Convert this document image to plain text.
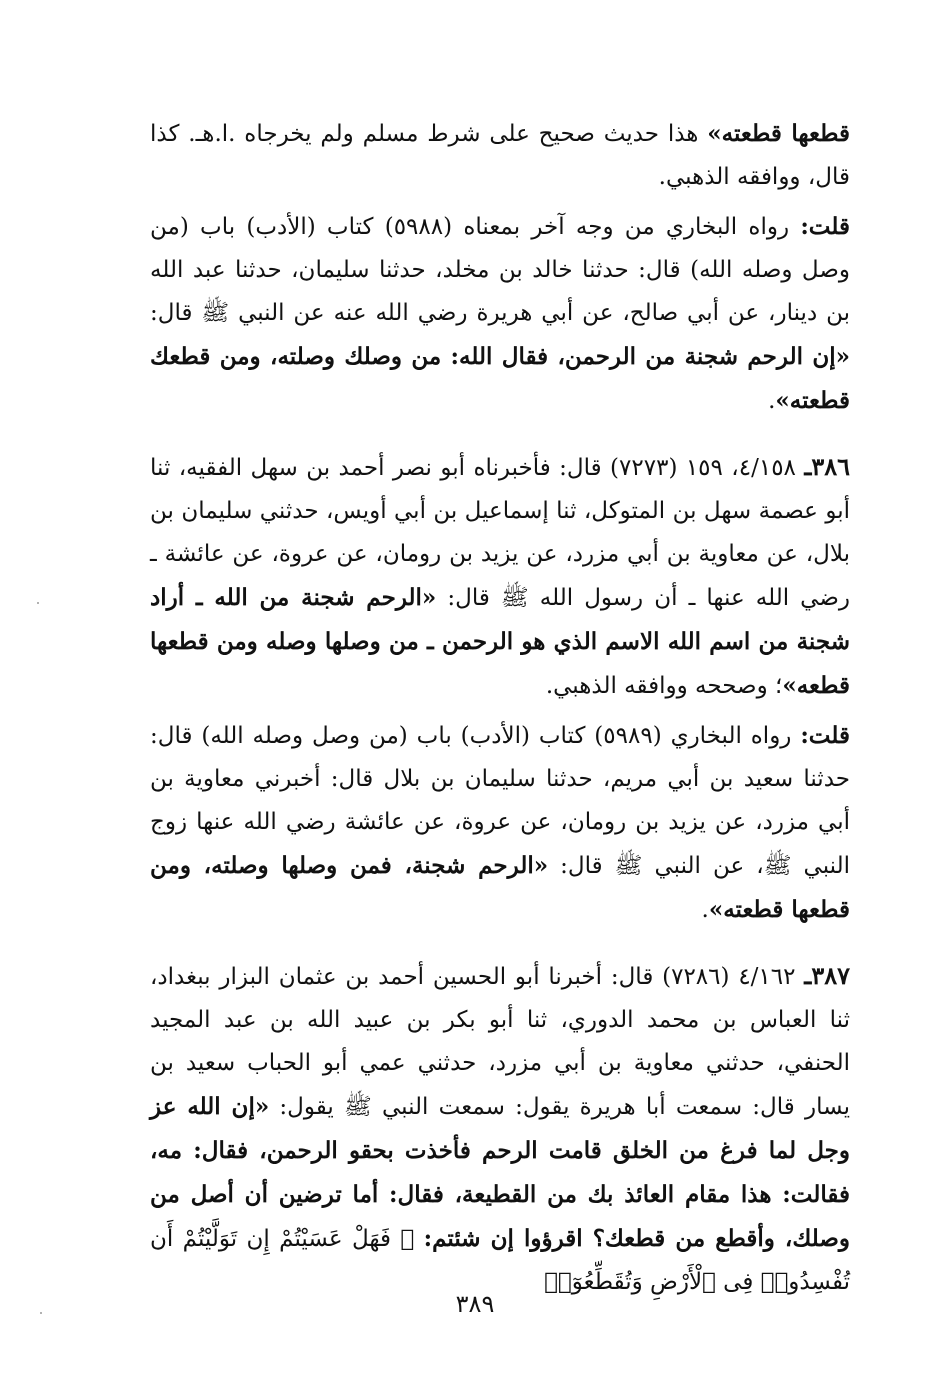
قطعها قطعته» هذا حديث صحيح على شرط مسلم ولم يخرجاه .ا.هـ. كذا قال، ووافقه الذهبي.

قلت: رواه البخاري من وجه آخر بمعناه (٥٩٨٨) كتاب (الأدب) باب (من وصل وصله الله) قال: حدثنا خالد بن مخلد، حدثنا سليمان، حدثنا عبد الله بن دينار، عن أبي صالح، عن أبي هريرة رضي الله عنه عن النبي ﷺ قال: «إن الرحم شجنة من الرحمن، فقال الله: من وصلك وصلته، ومن قطعك قطعته».

٣٨٦ـ ٤/١٥٨، ١٥٩ (٧٢٧٣) قال: فأخبرناه أبو نصر أحمد بن سهل الفقيه، ثنا أبو عصمة سهل بن المتوكل، ثنا إسماعيل بن أبي أويس، حدثني سليمان بن بلال، عن معاوية بن أبي مزرد، عن يزيد بن رومان، عن عروة، عن عائشة ـ رضي الله عنها ـ أن رسول الله ﷺ قال: «الرحم شجنة من الله ـ أراد شجنة من اسم الله الاسم الذي هو الرحمن ـ من وصلها وصله ومن قطعها قطعه»؛ وصححه ووافقه الذهبي.

قلت: رواه البخاري (٥٩٨٩) كتاب (الأدب) باب (من وصل وصله الله) قال: حدثنا سعيد بن أبي مريم، حدثنا سليمان بن بلال قال: أخبرني معاوية بن أبي مزرد، عن يزيد بن رومان، عن عروة، عن عائشة رضي الله عنها زوج النبي ﷺ، عن النبي ﷺ قال: «الرحم شجنة، فمن وصلها وصلته، ومن قطعها قطعته».

٣٨٧ـ ٤/١٦٢ (٧٢٨٦) قال: أخبرنا أبو الحسين أحمد بن عثمان البزار ببغداد، ثنا العباس بن محمد الدوري، ثنا أبو بكر بن عبيد الله بن عبد المجيد الحنفي، حدثني معاوية بن أبي مزرد، حدثني عمي أبو الحباب سعيد بن يسار قال: سمعت أبا هريرة يقول: سمعت النبي ﷺ يقول: «إن الله عز وجل لما فرغ من الخلق قامت الرحم فأخذت بحقو الرحمن، فقال: مه، فقالت: هذا مقام العائذ بك من القطيعة، فقال: أما ترضين أن أصل من وصلك، وأقطع من قطعك؟ اقرؤوا إن شئتم: ﴿ فَهَلْ عَسَيْتُمْ إِن تَوَلَّيْتُمْ أَن تُفْسِدُوا۟ فِى ٱلْأَرْضِ وَتُقَطِّعُوٓا۟

٣٨٩
